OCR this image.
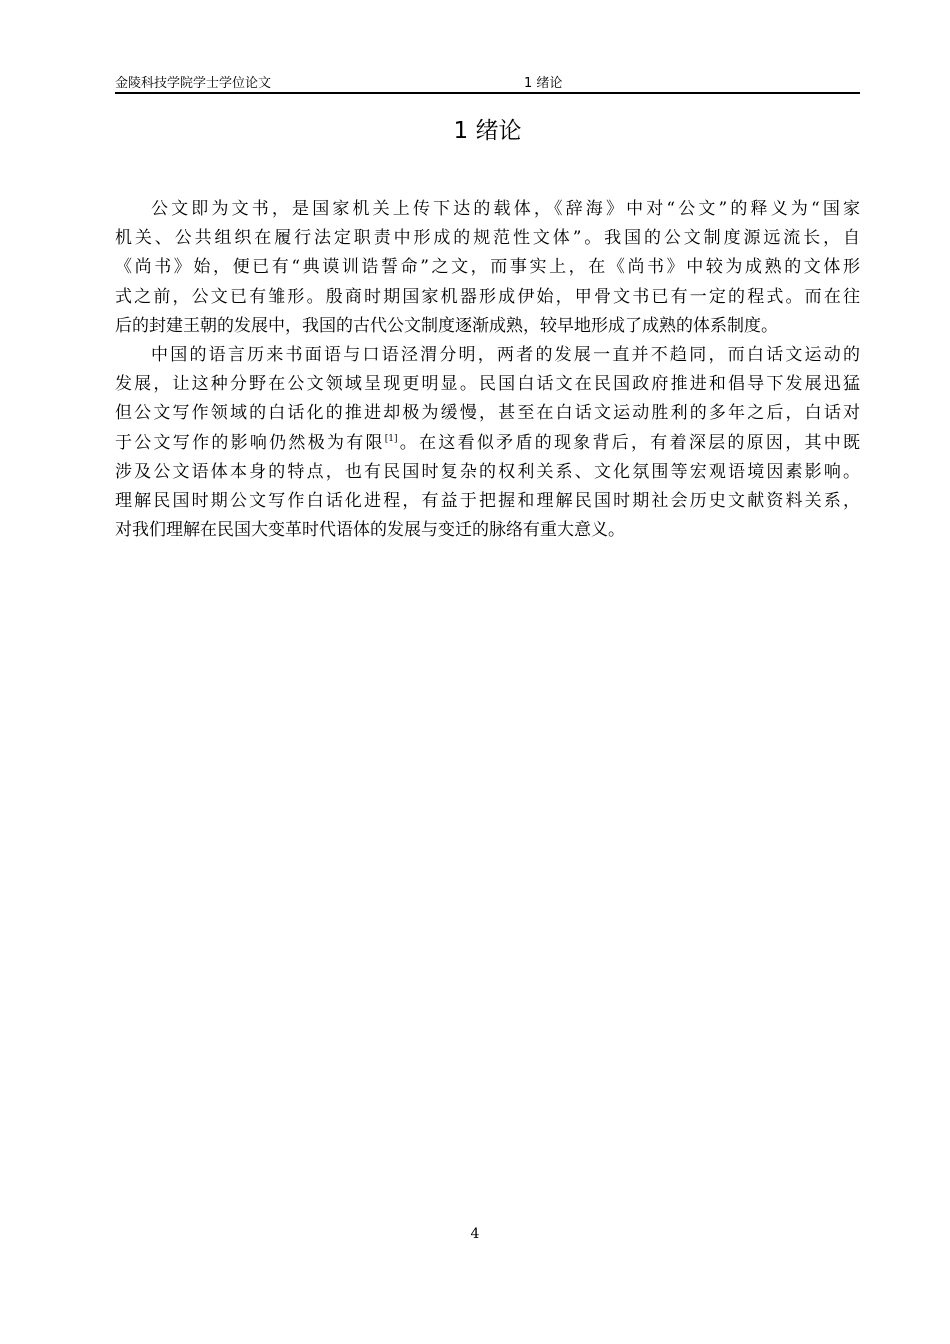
金陵科技学院学士学位论文	1 绪论
1 绪论
公文即为文书，是国家机关上传下达的载体，《辞海》中对“公文”的释义为“国家
机关、公共组织在履行法定职责中形成的规范性文体”。我国的公文制度源远流长，自
《尚书》始，便已有“典谟训诰誓命”之文，而事实上，在《尚书》中较为成熟的文体形
式之前，公文已有雏形。殷商时期国家机器形成伊始，甲骨文书已有一定的程式。而在往
后的封建王朝的发展中，我国的古代公文制度逐渐成熟，较早地形成了成熟的体系制度。
中国的语言历来书面语与口语泾渭分明，两者的发展一直并不趋同，而白话文运动的
发展，让这种分野在公文领域呈现更明显。民国白话文在民国政府推进和倡导下发展迅猛
但公文写作领域的白话化的推进却极为缓慢，甚至在白话文运动胜利的多年之后，白话对
于公文写作的影响仍然极为有限[1]。在这看似矛盾的现象背后，有着深层的原因，其中既
涉及公文语体本身的特点，也有民国时复杂的权利关系、文化氛围等宏观语境因素影响。
理解民国时期公文写作白话化进程，有益于把握和理解民国时期社会历史文献资料关系，
对我们理解在民国大变革时代语体的发展与变迁的脉络有重大意义。
4
